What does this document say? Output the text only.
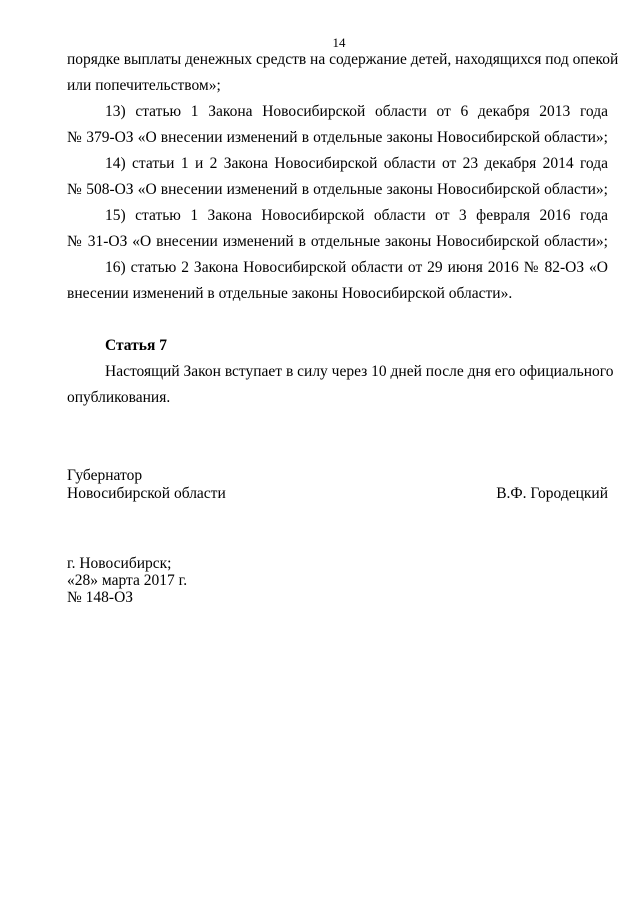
14
порядке выплаты денежных средств на содержание детей, находящихся под опекой
или попечительством»;
13) статью 1 Закона Новосибирской области от 6 декабря 2013 года
№ 379-ОЗ «О внесении изменений в отдельные законы Новосибирской области»;
14) статьи 1 и 2 Закона Новосибирской области от 23 декабря 2014 года
№ 508-ОЗ «О внесении изменений в отдельные законы Новосибирской области»;
15) статью 1 Закона Новосибирской области от 3 февраля 2016 года
№ 31-ОЗ «О внесении изменений в отдельные законы Новосибирской области»;
16) статью 2 Закона Новосибирской области от 29 июня 2016 № 82-ОЗ «О
внесении изменений в отдельные законы Новосибирской области».
Статья 7
Настоящий Закон вступает в силу через 10 дней после дня его официального
опубликования.
Губернатор
Новосибирской области	В.Ф. Городецкий
г. Новосибирск;
«28» марта 2017 г.
№ 148-ОЗ
